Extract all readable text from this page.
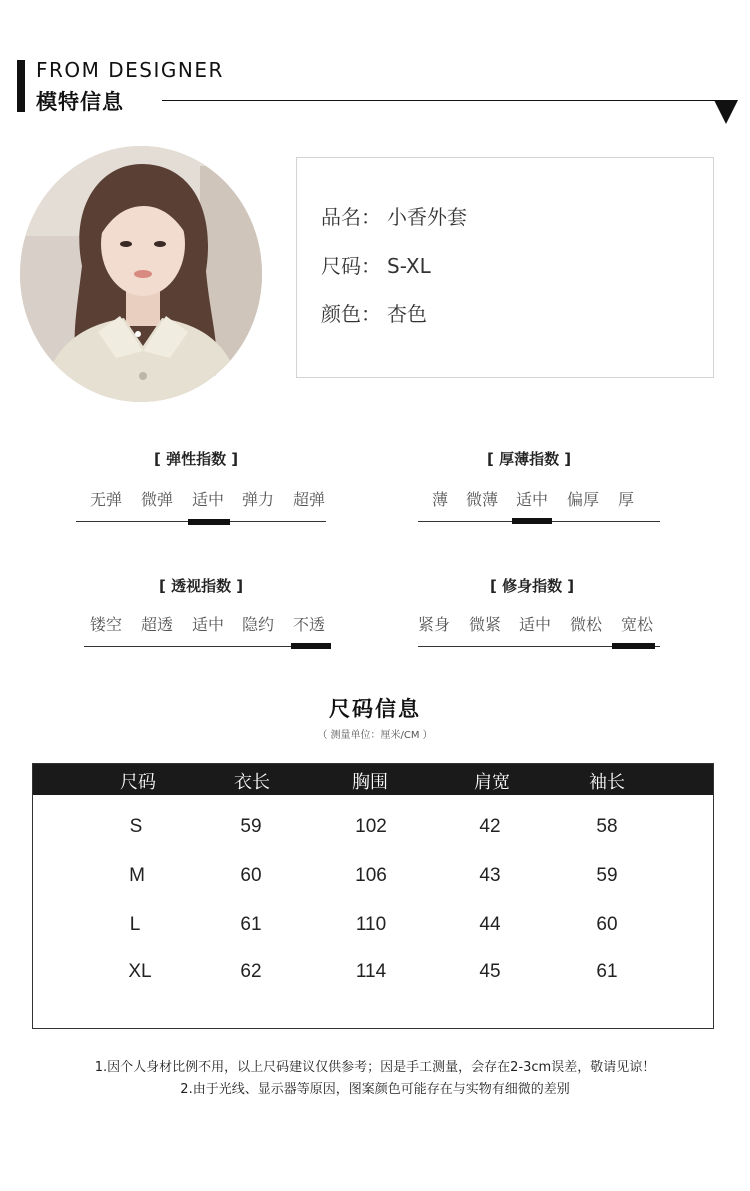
FROM DESIGNER
模特信息
品名： 小香外套
尺码： S-XL
颜色： 杏色
[ 弹性指数 ]
无弹 微弹 适中 弹力 超弹
[ 厚薄指数 ]
薄 微薄 适中 偏厚 厚
[ 透视指数 ]
镂空 超透 适中 隐约 不透
[ 修身指数 ]
紧身 微紧 适中 微松 宽松
尺码信息
（ 测量单位：厘米/CM ）
尺码	衣长	胸围	肩宽	袖长
S	59	102	42	58
M	60	106	43	59
L	61	110	44	60
XL	62	114	45	61
1.因个人身材比例不用，以上尺码建议仅供参考；因是手工测量，会存在2-3cm误差，敬请见谅！
2.由于光线、显示器等原因，图案颜色可能存在与实物有细微的差别
